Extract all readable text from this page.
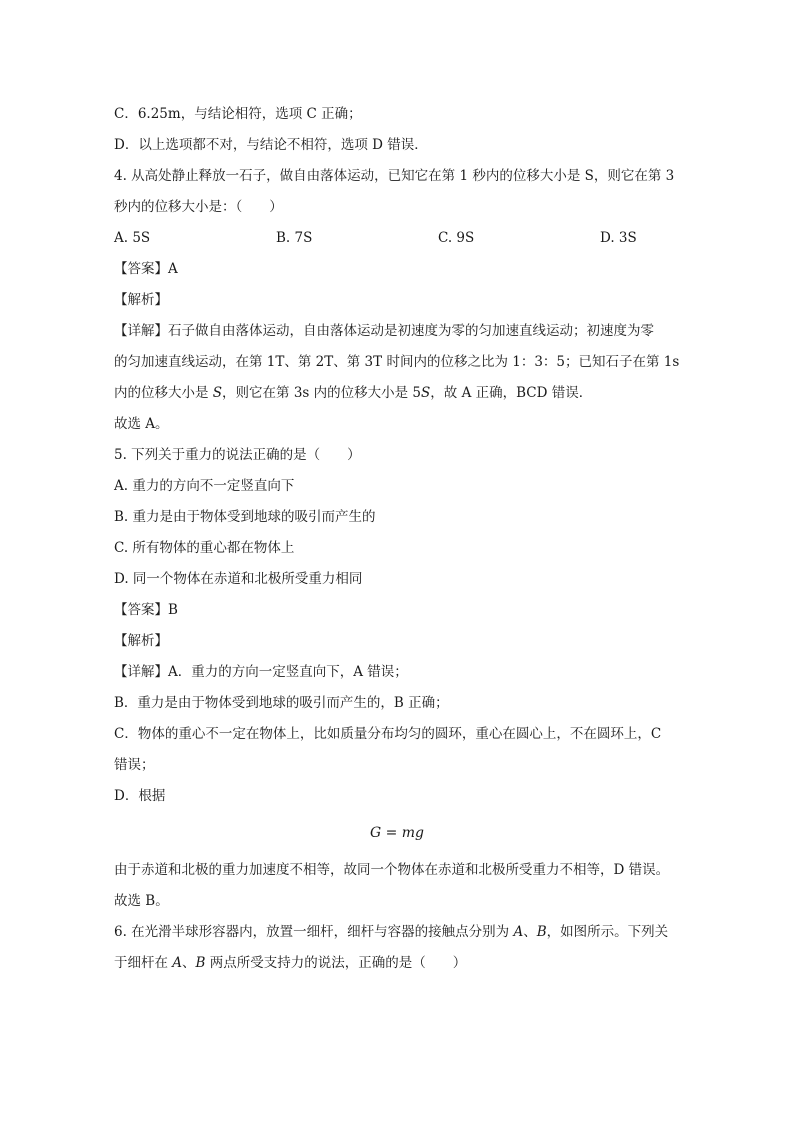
C．6.25m，与结论相符，选项 C 正确；
D．以上选项都不对，与结论不相符，选项 D 错误．
4. 从高处静止释放一石子，做自由落体运动，已知它在第 1 秒内的位移大小是 S，则它在第 3
秒内的位移大小是：（　　）
A. 5S	B. 7S	C. 9S	D. 3S
【答案】A
【解析】
【详解】石子做自由落体运动，自由落体运动是初速度为零的匀加速直线运动；初速度为零
的匀加速直线运动，在第 1T、第 2T、第 3T 时间内的位移之比为 1：3：5；已知石子在第 1s
内的位移大小是 S，则它在第 3s 内的位移大小是 5S，故 A 正确，BCD 错误．
故选 A。
5. 下列关于重力的说法正确的是（　　）
A. 重力的方向不一定竖直向下
B. 重力是由于物体受到地球的吸引而产生的
C. 所有物体的重心都在物体上
D. 同一个物体在赤道和北极所受重力相同
【答案】B
【解析】
【详解】A．重力的方向一定竖直向下，A 错误；
B．重力是由于物体受到地球的吸引而产生的，B 正确；
C．物体的重心不一定在物体上，比如质量分布均匀的圆环，重心在圆心上，不在圆环上，C
错误；
D．根据
G = mg
由于赤道和北极的重力加速度不相等，故同一个物体在赤道和北极所受重力不相等，D 错误。
故选 B。
6. 在光滑半球形容器内，放置一细杆，细杆与容器的接触点分别为 A、B，如图所示。下列关
于细杆在 A、B 两点所受支持力的说法，正确的是（　　）
